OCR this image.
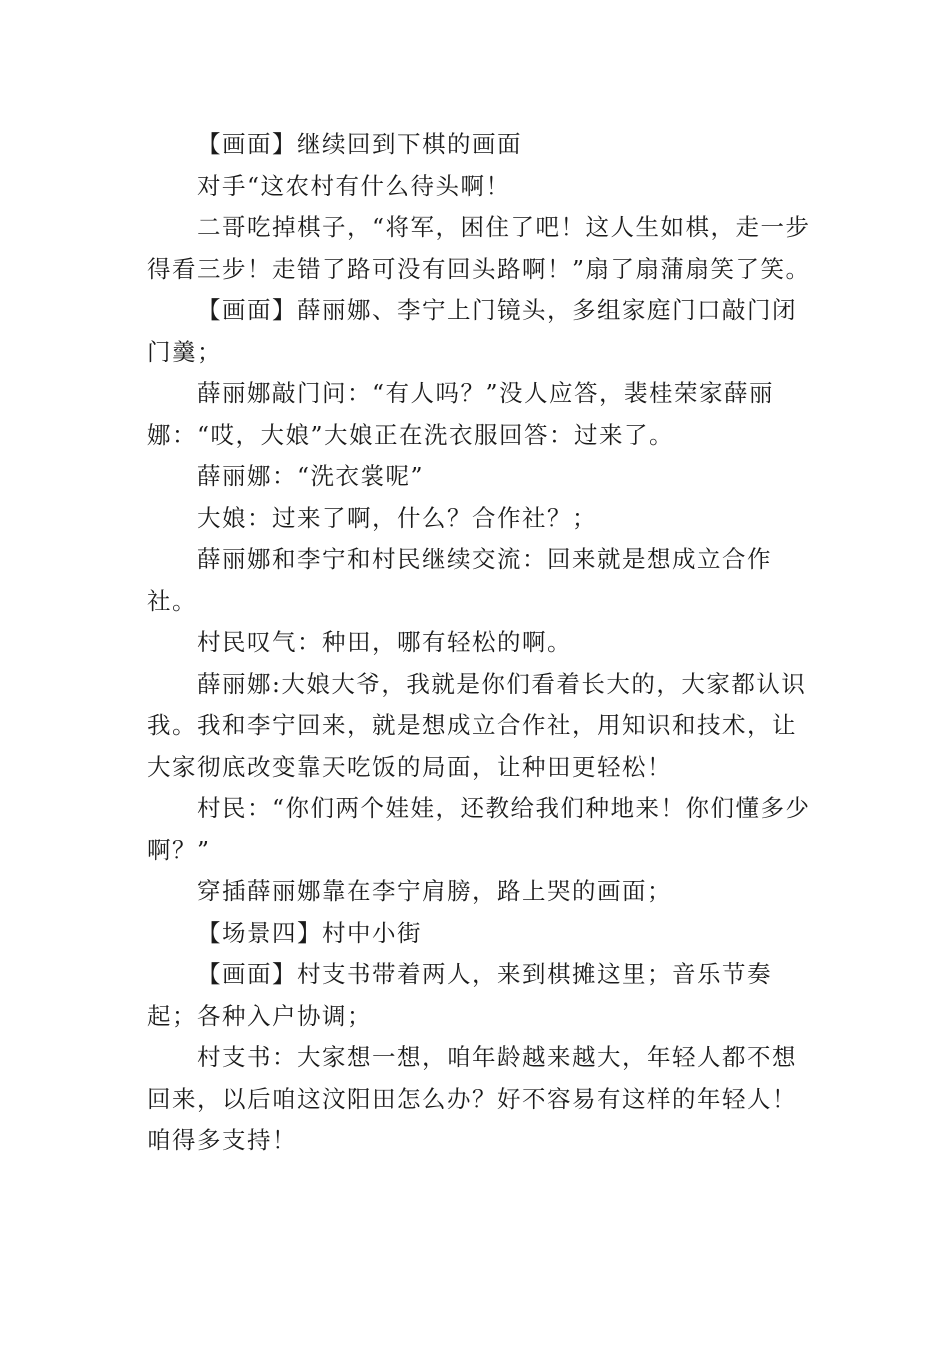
【画面】继续回到下棋的画面

对手“这农村有什么待头啊！

二哥吃掉棋子，“将军，困住了吧！这人生如棋，走一步得看三步！走错了路可没有回头路啊！”扇了扇蒲扇笑了笑。

【画面】薛丽娜、李宁上门镜头，多组家庭门口敲门闭门羹；

薛丽娜敲门问：“有人吗？”没人应答，裴桂荣家薛丽娜：“哎，大娘”大娘正在洗衣服回答：过来了。

薛丽娜：“洗衣裳呢”

大娘：过来了啊，什么？合作社？；

薛丽娜和李宁和村民继续交流：回来就是想成立合作社。

村民叹气：种田，哪有轻松的啊。

薛丽娜:大娘大爷，我就是你们看着长大的，大家都认识我。我和李宁回来，就是想成立合作社，用知识和技术，让大家彻底改变靠天吃饭的局面，让种田更轻松！

村民：“你们两个娃娃，还教给我们种地来！你们懂多少啊？”

穿插薛丽娜靠在李宁肩膀，路上哭的画面；

【场景四】村中小街

【画面】村支书带着两人，来到棋摊这里；音乐节奏起；各种入户协调；

村支书：大家想一想，咱年龄越来越大，年轻人都不想回来，以后咱这汶阳田怎么办？好不容易有这样的年轻人！ 咱得多支持！
